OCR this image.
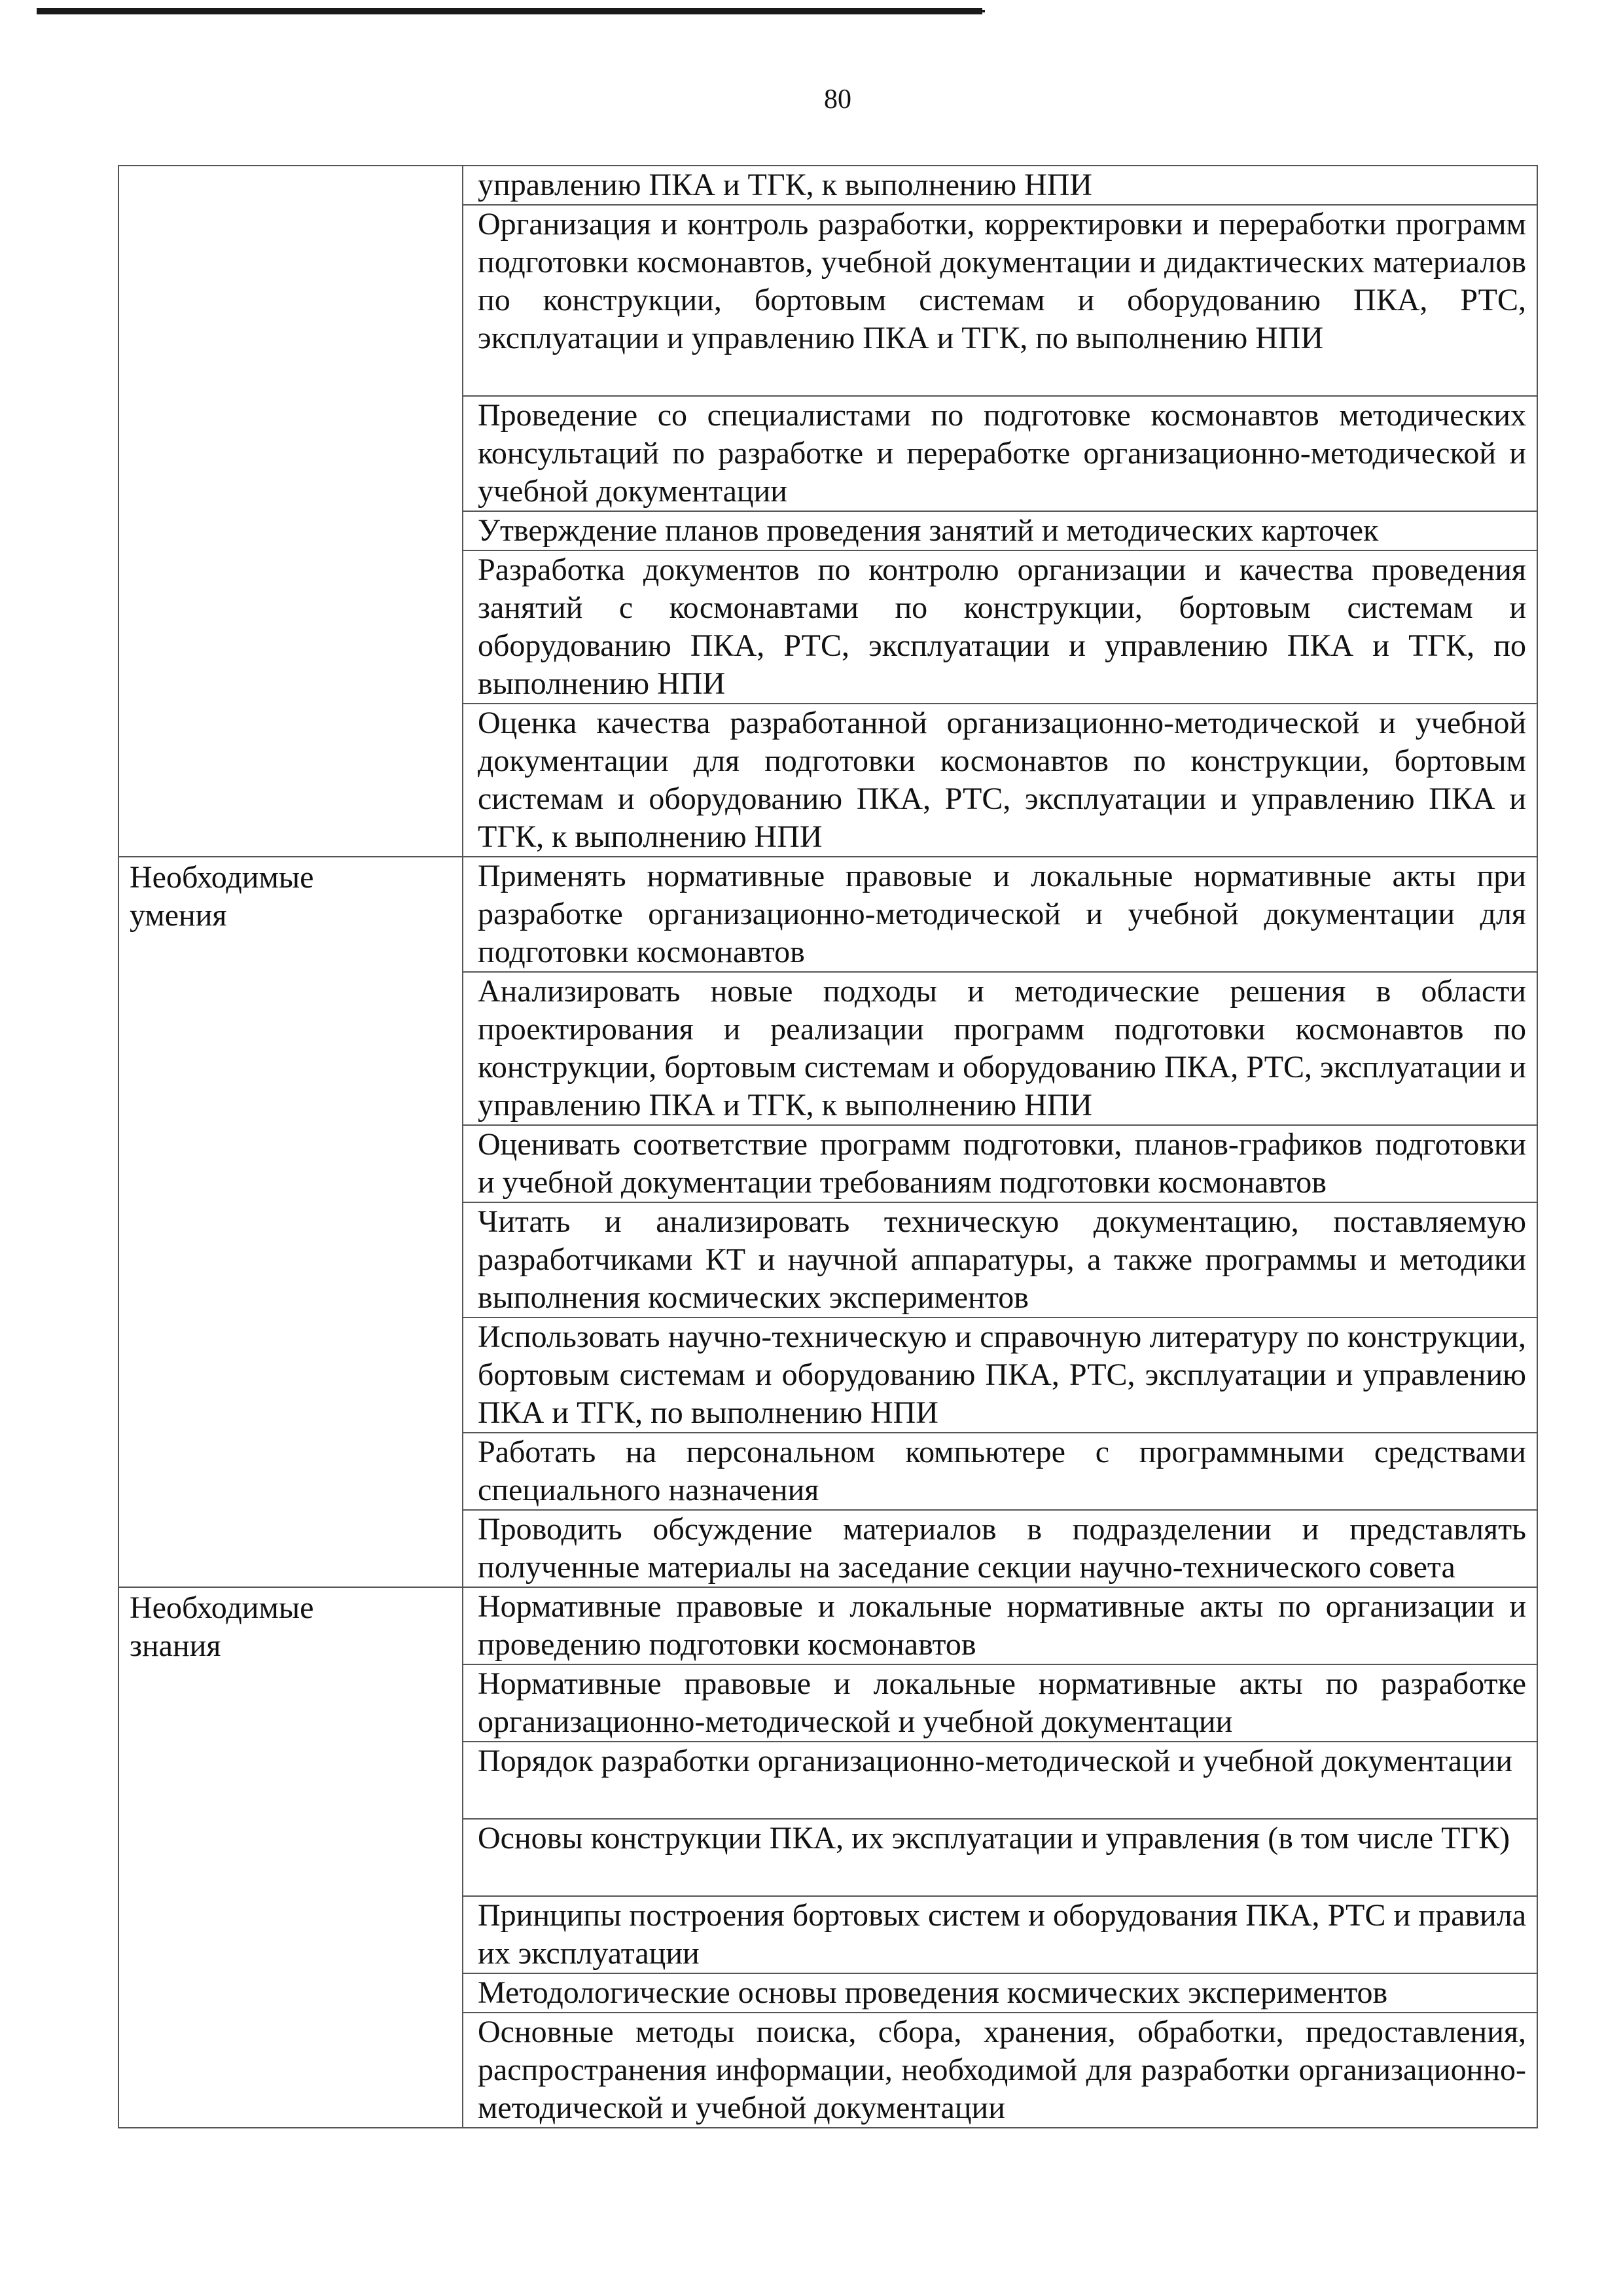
80
	управлению ПКА и ТГК, к выполнению НПИ
	Организация и контроль разработки, корректировки и переработки программ подготовки космонавтов, учебной документации и дидактических материалов по конструкции, бортовым системам и оборудованию ПКА, РТС, эксплуатации и управлению ПКА и ТГК, по выполнению НПИ
	Проведение со специалистами по подготовке космонавтов методических консультаций по разработке и переработке организационно-методической и учебной документации
	Утверждение планов проведения занятий и методических карточек
	Разработка документов по контролю организации и качества проведения занятий с космонавтами по конструкции, бортовым системам и оборудованию ПКА, РТС, эксплуатации и управлению ПКА и ТГК, по выполнению НПИ
	Оценка качества разработанной организационно-методической и учебной документации для подготовки космонавтов по конструкции, бортовым системам и оборудованию ПКА, РТС, эксплуатации и управлению ПКА и ТГК, к выполнению НПИ

Необходимые
умения	Применять нормативные правовые и локальные нормативные акты при разработке организационно-методической и учебной документации для подготовки космонавтов
	Анализировать новые подходы и методические решения в области проектирования и реализации программ подготовки космонавтов по конструкции, бортовым системам и оборудованию ПКА, РТС, эксплуатации и управлению ПКА и ТГК, к выполнению НПИ
	Оценивать соответствие программ подготовки, планов-графиков подготовки и учебной документации требованиям подготовки космонавтов
	Читать и анализировать техническую документацию, поставляемую разработчиками КТ и научной аппаратуры, а также программы и методики выполнения космических экспериментов
	Использовать научно-техническую и справочную литературу по конструкции, бортовым системам и оборудованию ПКА, РТС, эксплуатации и управлению ПКА и ТГК, по выполнению НПИ
	Работать на персональном компьютере с программными средствами специального назначения
	Проводить обсуждение материалов в подразделении и представлять полученные материалы на заседание секции научно-технического совета

Необходимые
знания	Нормативные правовые и локальные нормативные акты по организации и проведению подготовки космонавтов
	Нормативные правовые и локальные нормативные акты по разработке организационно-методической и учебной документации
	Порядок разработки организационно-методической и учебной документации
	Основы конструкции ПКА, их эксплуатации и управления (в том числе ТГК)
	Принципы построения бортовых систем и оборудования ПКА, РТС и правила их эксплуатации
	Методологические основы проведения космических экспериментов
	Основные методы поиска, сбора, хранения, обработки, предоставления, распространения информации, необходимой для разработки организационно-методической и учебной документации
